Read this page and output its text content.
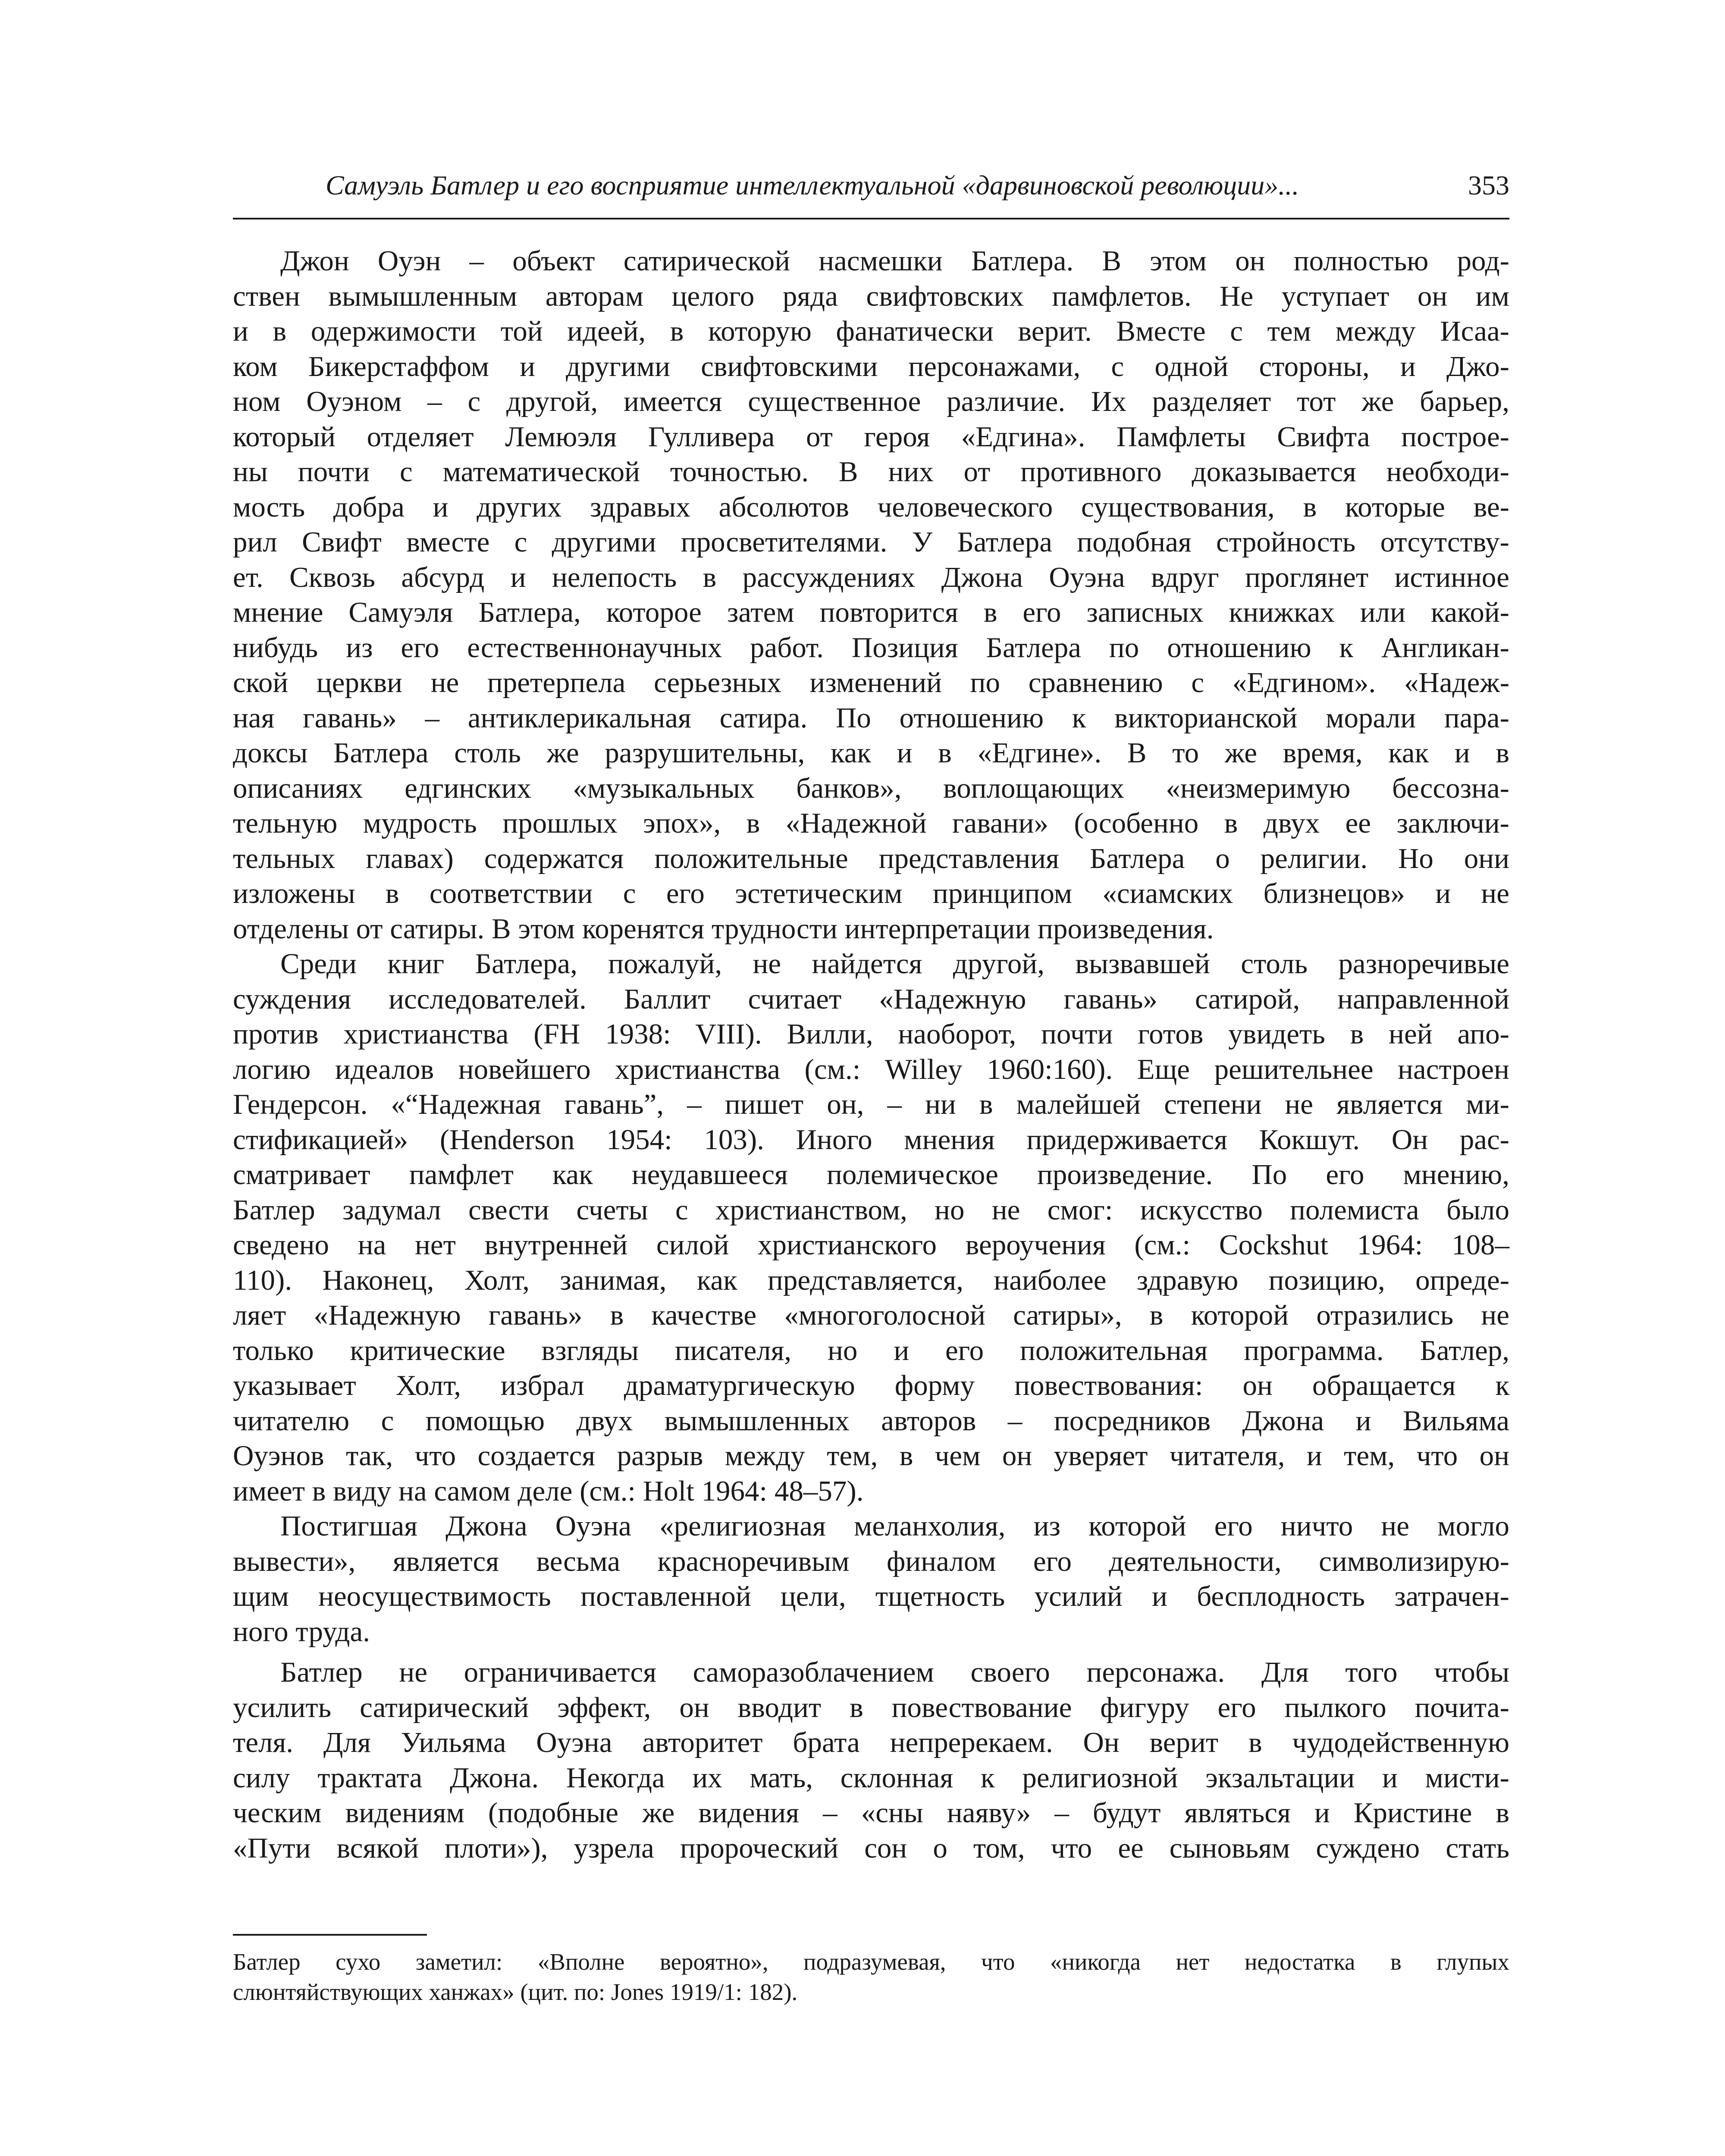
Самуэль Батлер и его восприятие интеллектуальной «дарвиновской революции»...	353

Джон Оуэн – объект сатирической насмешки Батлера. В этом он полностью род-
ствен вымышленным авторам целого ряда свифтовских памфлетов. Не уступает он им
и в одержимости той идеей, в которую фанатически верит. Вместе с тем между Исаа-
ком Бикерстаффом и другими свифтовскими персонажами, с одной стороны, и Джо-
ном Оуэном – с другой, имеется существенное различие. Их разделяет тот же барьер,
который отделяет Лемюэля Гулливера от героя «Едгина». Памфлеты Свифта построе-
ны почти с математической точностью. В них от противного доказывается необходи-
мость добра и других здравых абсолютов человеческого существования, в которые ве-
рил Свифт вместе с другими просветителями. У Батлера подобная стройность отсутству-
ет. Сквозь абсурд и нелепость в рассуждениях Джона Оуэна вдруг проглянет истинное
мнение Самуэля Батлера, которое затем повторится в его записных книжках или какой-
нибудь из его естественнонаучных работ. Позиция Батлера по отношению к Англикан-
ской церкви не претерпела серьезных изменений по сравнению с «Едгином». «Надеж-
ная гавань» – антиклерикальная сатира. По отношению к викторианской морали пара-
доксы Батлера столь же разрушительны, как и в «Едгине». В то же время, как и в
описаниях едгинских «музыкальных банков», воплощающих «неизмеримую бессозна-
тельную мудрость прошлых эпох», в «Надежной гавани» (особенно в двух ее заключи-
тельных главах) содержатся положительные представления Батлера о религии. Но они
изложены в соответствии с его эстетическим принципом «сиамских близнецов» и не
отделены от сатиры. В этом коренятся трудности интерпретации произведения.

Среди книг Батлера, пожалуй, не найдется другой, вызвавшей столь разноречивые
суждения исследователей. Баллит считает «Надежную гавань» сатирой, направленной
против христианства (FH 1938: VIII). Вилли, наоборот, почти готов увидеть в ней апо-
логию идеалов новейшего христианства (см.: Willey 1960:160). Еще решительнее настроен
Гендерсон. «“Надежная гавань”, – пишет он, – ни в малейшей степени не является ми-
стификацией» (Henderson 1954: 103). Иного мнения придерживается Кокшут. Он рас-
сматривает памфлет как неудавшееся полемическое произведение. По его мнению,
Батлер задумал свести счеты с христианством, но не смог: искусство полемиста было
сведено на нет внутренней силой христианского вероучения (см.: Cockshut 1964: 108–
110). Наконец, Холт, занимая, как представляется, наиболее здравую позицию, опреде-
ляет «Надежную гавань» в качестве «многоголосной сатиры», в которой отразились не
только критические взгляды писателя, но и его положительная программа. Батлер,
указывает Холт, избрал драматургическую форму повествования: он обращается к
читателю с помощью двух вымышленных авторов – посредников Джона и Вильяма
Оуэнов так, что создается разрыв между тем, в чем он уверяет читателя, и тем, что он
имеет в виду на самом деле (см.: Holt 1964: 48–57).

Постигшая Джона Оуэна «религиозная меланхолия, из которой его ничто не могло
вывести», является весьма красноречивым финалом его деятельности, символизирую-
щим неосуществимость поставленной цели, тщетность усилий и бесплодность затрачен-
ного труда.

Батлер не ограничивается саморазоблачением своего персонажа. Для того чтобы
усилить сатирический эффект, он вводит в повествование фигуру его пылкого почита-
теля. Для Уильяма Оуэна авторитет брата непререкаем. Он верит в чудодейственную
силу трактата Джона. Некогда их мать, склонная к религиозной экзальтации и мисти-
ческим видениям (подобные же видения – «сны наяву» – будут являться и Кристине в
«Пути всякой плоти»), узрела пророческий сон о том, что ее сыновьям суждено стать

Батлер сухо заметил: «Вполне вероятно», подразумевая, что «никогда нет недостатка в глупых
слюнтяйствующих ханжах» (цит. по: Jones 1919/1: 182).
